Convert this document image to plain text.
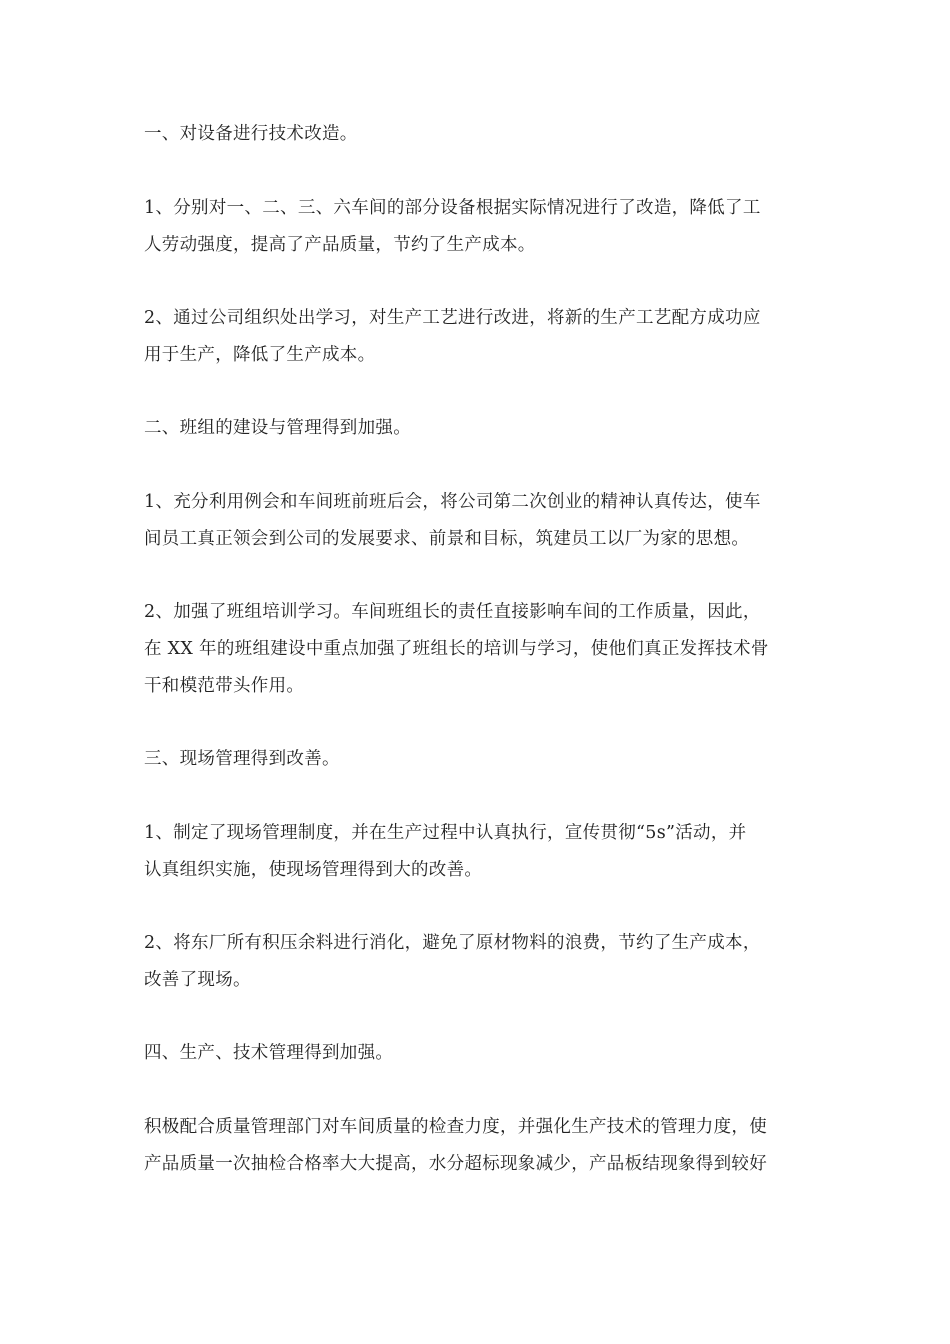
一、对设备进行技术改造。

1、分别对一、二、三、六车间的部分设备根据实际情况进行了改造，降低了工
人劳动强度，提高了产品质量，节约了生产成本。

2、通过公司组织处出学习，对生产工艺进行改进，将新的生产工艺配方成功应
用于生产，降低了生产成本。

二、班组的建设与管理得到加强。

1、充分利用例会和车间班前班后会，将公司第二次创业的精神认真传达，使车
间员工真正领会到公司的发展要求、前景和目标，筑建员工以厂为家的思想。

2、加强了班组培训学习。车间班组长的责任直接影响车间的工作质量，因此，
在 XX 年的班组建设中重点加强了班组长的培训与学习，使他们真正发挥技术骨
干和模范带头作用。

三、现场管理得到改善。

1、制定了现场管理制度，并在生产过程中认真执行，宣传贯彻“5s”活动，并
认真组织实施，使现场管理得到大的改善。

2、将东厂所有积压余料进行消化，避免了原材物料的浪费，节约了生产成本，
改善了现场。

四、生产、技术管理得到加强。

积极配合质量管理部门对车间质量的检查力度，并强化生产技术的管理力度，使
产品质量一次抽检合格率大大提高，水分超标现象减少，产品板结现象得到较好
